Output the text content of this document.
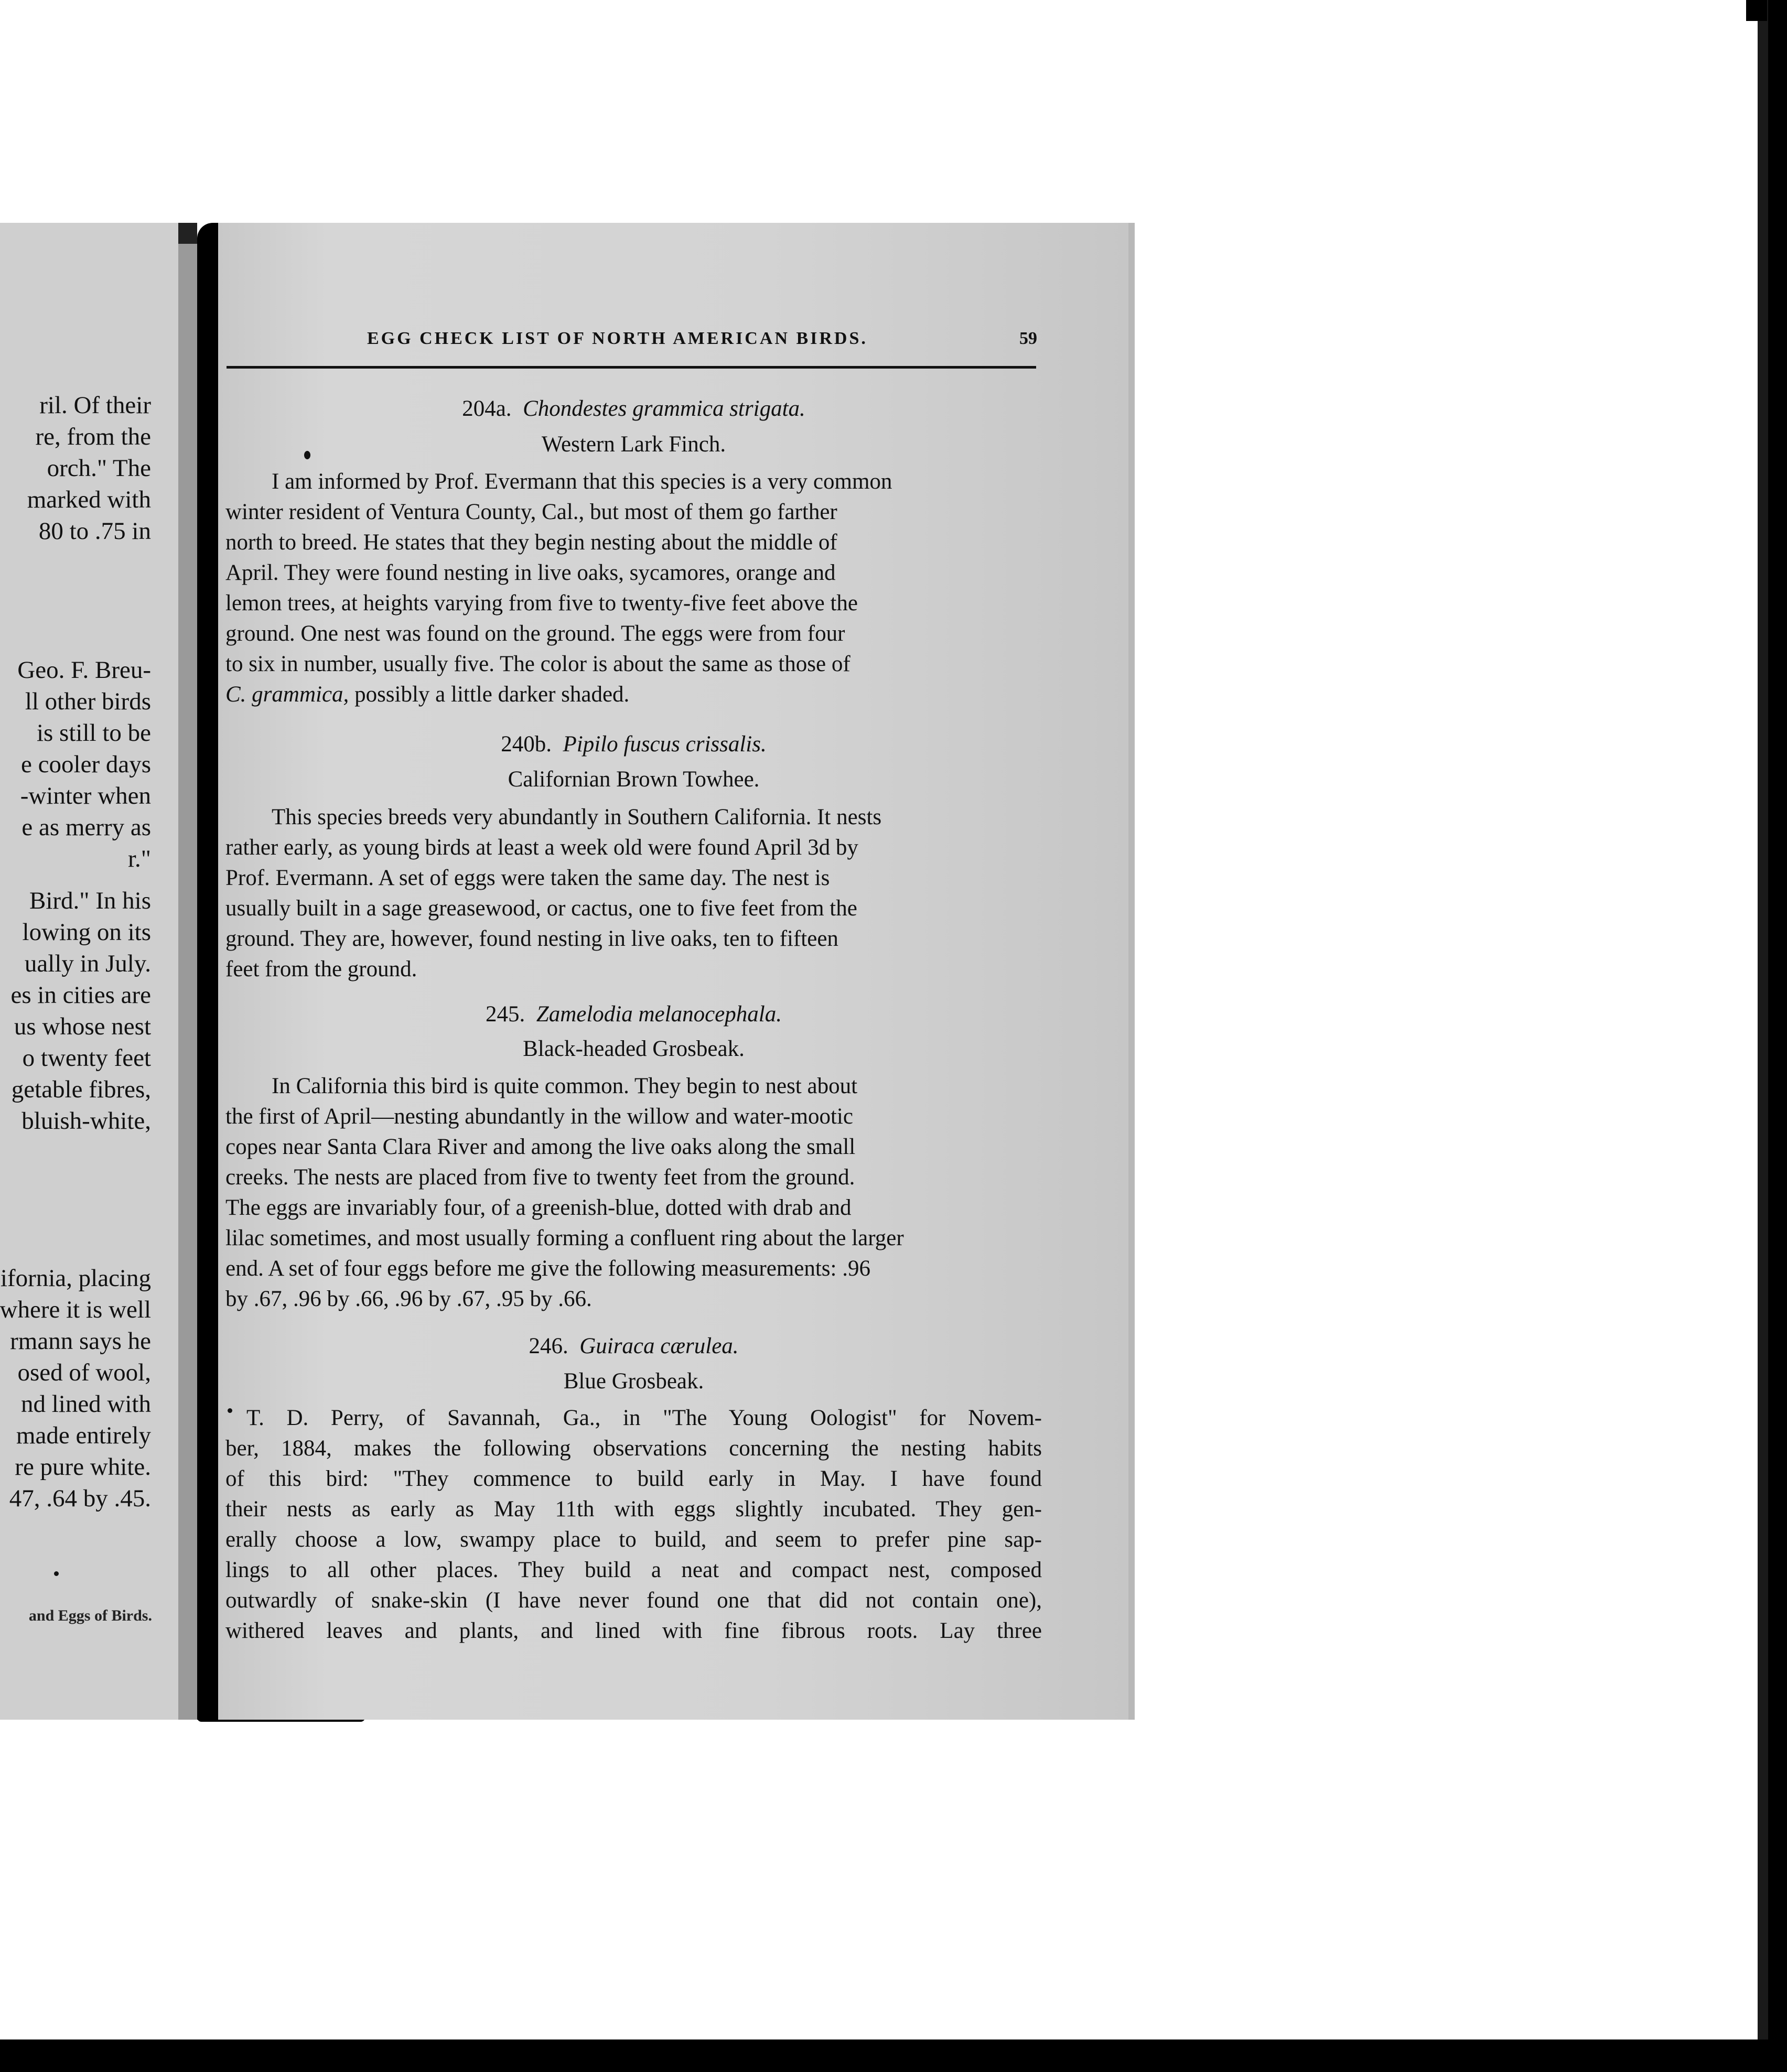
ril. Of their
re, from the
orch." The
marked with
80 to .75 in
Geo. F. Breu-
ll other birds
is still to be
e cooler days
-winter when
e as merry as
r."
Bird." In his
lowing on its
ually in July.
es in cities are
us whose nest
o twenty feet
getable fibres,
bluish-white,
ifornia, placing
where it is well
rmann says he
osed of wool,
nd lined with
made entirely
re pure white.
47, .64 by .45.
and Eggs of Birds.
EGG CHECK LIST OF NORTH AMERICAN BIRDS.	59
204a. Chondestes grammica strigata.
Western Lark Finch.
I am informed by Prof. Evermann that this species is a very common
winter resident of Ventura County, Cal., but most of them go farther
north to breed. He states that they begin nesting about the middle of
April. They were found nesting in live oaks, sycamores, orange and
lemon trees, at heights varying from five to twenty-five feet above the
ground. One nest was found on the ground. The eggs were from four
to six in number, usually five. The color is about the same as those of
C. grammica, possibly a little darker shaded.
240b. Pipilo fuscus crissalis.
Californian Brown Towhee.
This species breeds very abundantly in Southern California. It nests
rather early, as young birds at least a week old were found April 3d by
Prof. Evermann. A set of eggs were taken the same day. The nest is
usually built in a sage greasewood, or cactus, one to five feet from the
ground. They are, however, found nesting in live oaks, ten to fifteen
feet from the ground.
245. Zamelodia melanocephala.
Black-headed Grosbeak.
In California this bird is quite common. They begin to nest about
the first of April—nesting abundantly in the willow and water-mootic
copes near Santa Clara River and among the live oaks along the small
creeks. The nests are placed from five to twenty feet from the ground.
The eggs are invariably four, of a greenish-blue, dotted with drab and
lilac sometimes, and most usually forming a confluent ring about the larger
end. A set of four eggs before me give the following measurements: .96
by .67, .96 by .66, .96 by .67, .95 by .66.
246. Guiraca cærulea.
Blue Grosbeak.
T. D. Perry, of Savannah, Ga., in "The Young Oologist" for Novem-
ber, 1884, makes the following observations concerning the nesting habits
of this bird: "They commence to build early in May. I have found
their nests as early as May 11th with eggs slightly incubated. They gen-
erally choose a low, swampy place to build, and seem to prefer pine sap-
lings to all other places. They build a neat and compact nest, composed
outwardly of snake-skin (I have never found one that did not contain one),
withered leaves and plants, and lined with fine fibrous roots. Lay three
